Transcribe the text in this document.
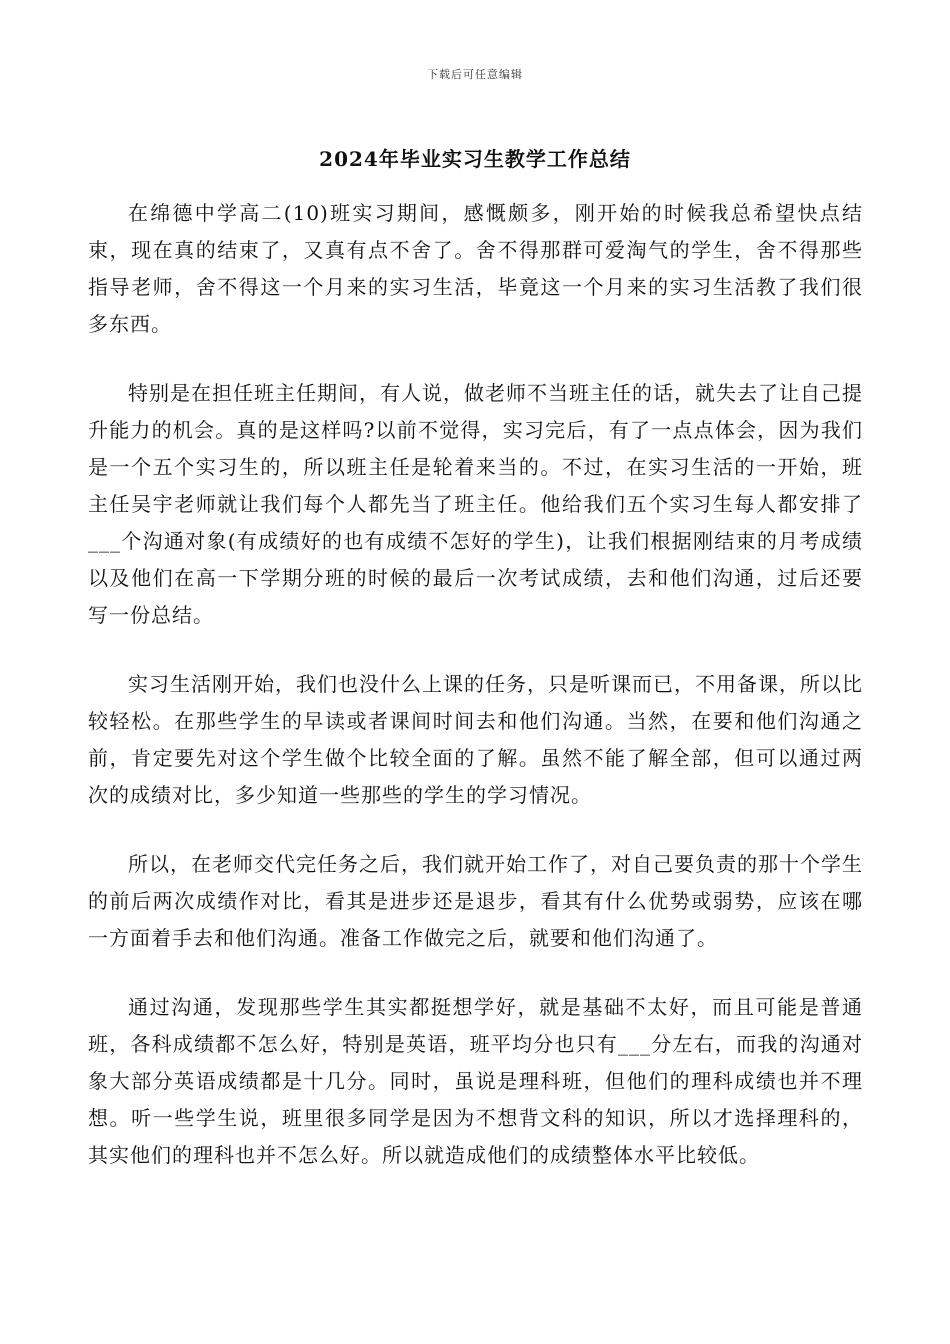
下载后可任意编辑
2024年毕业实习生教学工作总结

在绵德中学高二(10)班实习期间，感慨颇多，刚开始的时候我总希望快点结束，现在真的结束了，又真有点不舍了。舍不得那群可爱淘气的学生，舍不得那些指导老师，舍不得这一个月来的实习生活，毕竟这一个月来的实习生活教了我们很多东西。

特别是在担任班主任期间，有人说，做老师不当班主任的话，就失去了让自己提升能力的机会。真的是这样吗?以前不觉得，实习完后，有了一点点体会，因为我们是一个五个实习生的，所以班主任是轮着来当的。不过，在实习生活的一开始，班主任吴宇老师就让我们每个人都先当了班主任。他给我们五个实习生每人都安排了___个沟通对象(有成绩好的也有成绩不怎好的学生)，让我们根据刚结束的月考成绩以及他们在高一下学期分班的时候的最后一次考试成绩，去和他们沟通，过后还要写一份总结。

实习生活刚开始，我们也没什么上课的任务，只是听课而已，不用备课，所以比较轻松。在那些学生的早读或者课间时间去和他们沟通。当然，在要和他们沟通之前，肯定要先对这个学生做个比较全面的了解。虽然不能了解全部，但可以通过两次的成绩对比，多少知道一些那些的学生的学习情况。

所以，在老师交代完任务之后，我们就开始工作了，对自己要负责的那十个学生的前后两次成绩作对比，看其是进步还是退步，看其有什么优势或弱势，应该在哪一方面着手去和他们沟通。准备工作做完之后，就要和他们沟通了。

通过沟通，发现那些学生其实都挺想学好，就是基础不太好，而且可能是普通班，各科成绩都不怎么好，特别是英语，班平均分也只有___分左右，而我的沟通对象大部分英语成绩都是十几分。同时，虽说是理科班，但他们的理科成绩也并不理想。听一些学生说，班里很多同学是因为不想背文科的知识，所以才选择理科的，其实他们的理科也并不怎么好。所以就造成他们的成绩整体水平比较低。
